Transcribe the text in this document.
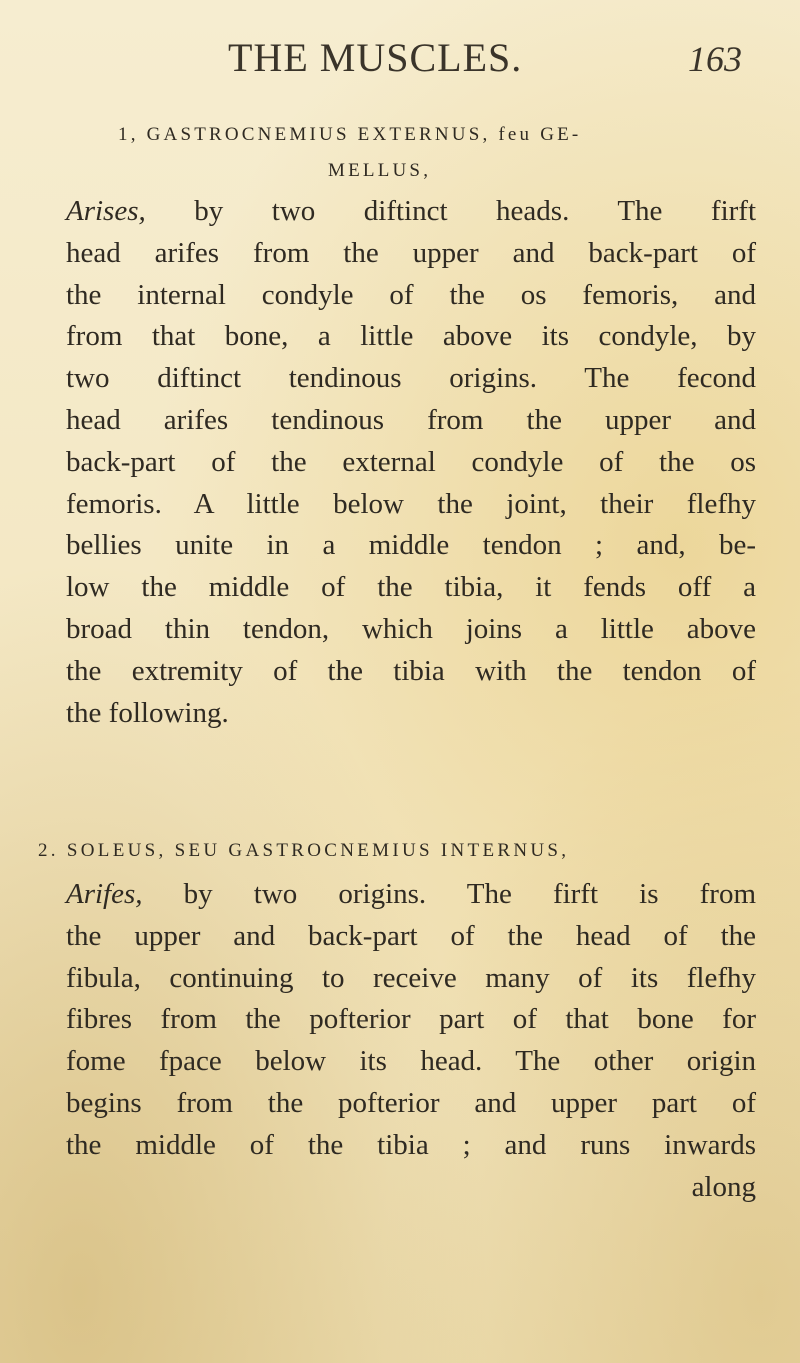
THE MUSCLES.	163
1, GASTROCNEMIUS EXTERNUS, feu GE-
MELLUS,
Arises, by two diftinct heads. The firft
head arifes from the upper and back-part of
the internal condyle of the os femoris, and
from that bone, a little above its condyle, by
two diftinct tendinous origins. The fecond
head arifes tendinous from the upper and
back-part of the external condyle of the os
femoris. A little below the joint, their flefhy
bellies unite in a middle tendon ; and, be-
low the middle of the tibia, it fends off a
broad thin tendon, which joins a little above
the extremity of the tibia with the tendon of
the following.
2. SOLEUS, SEU GASTROCNEMIUS INTERNUS,
Arifes, by two origins. The firft is from
the upper and back-part of the head of the
fibula, continuing to receive many of its flefhy
fibres from the pofterior part of that bone for
fome fpace below its head. The other origin
begins from the pofterior and upper part of
the middle of the tibia ; and runs inwards
along
